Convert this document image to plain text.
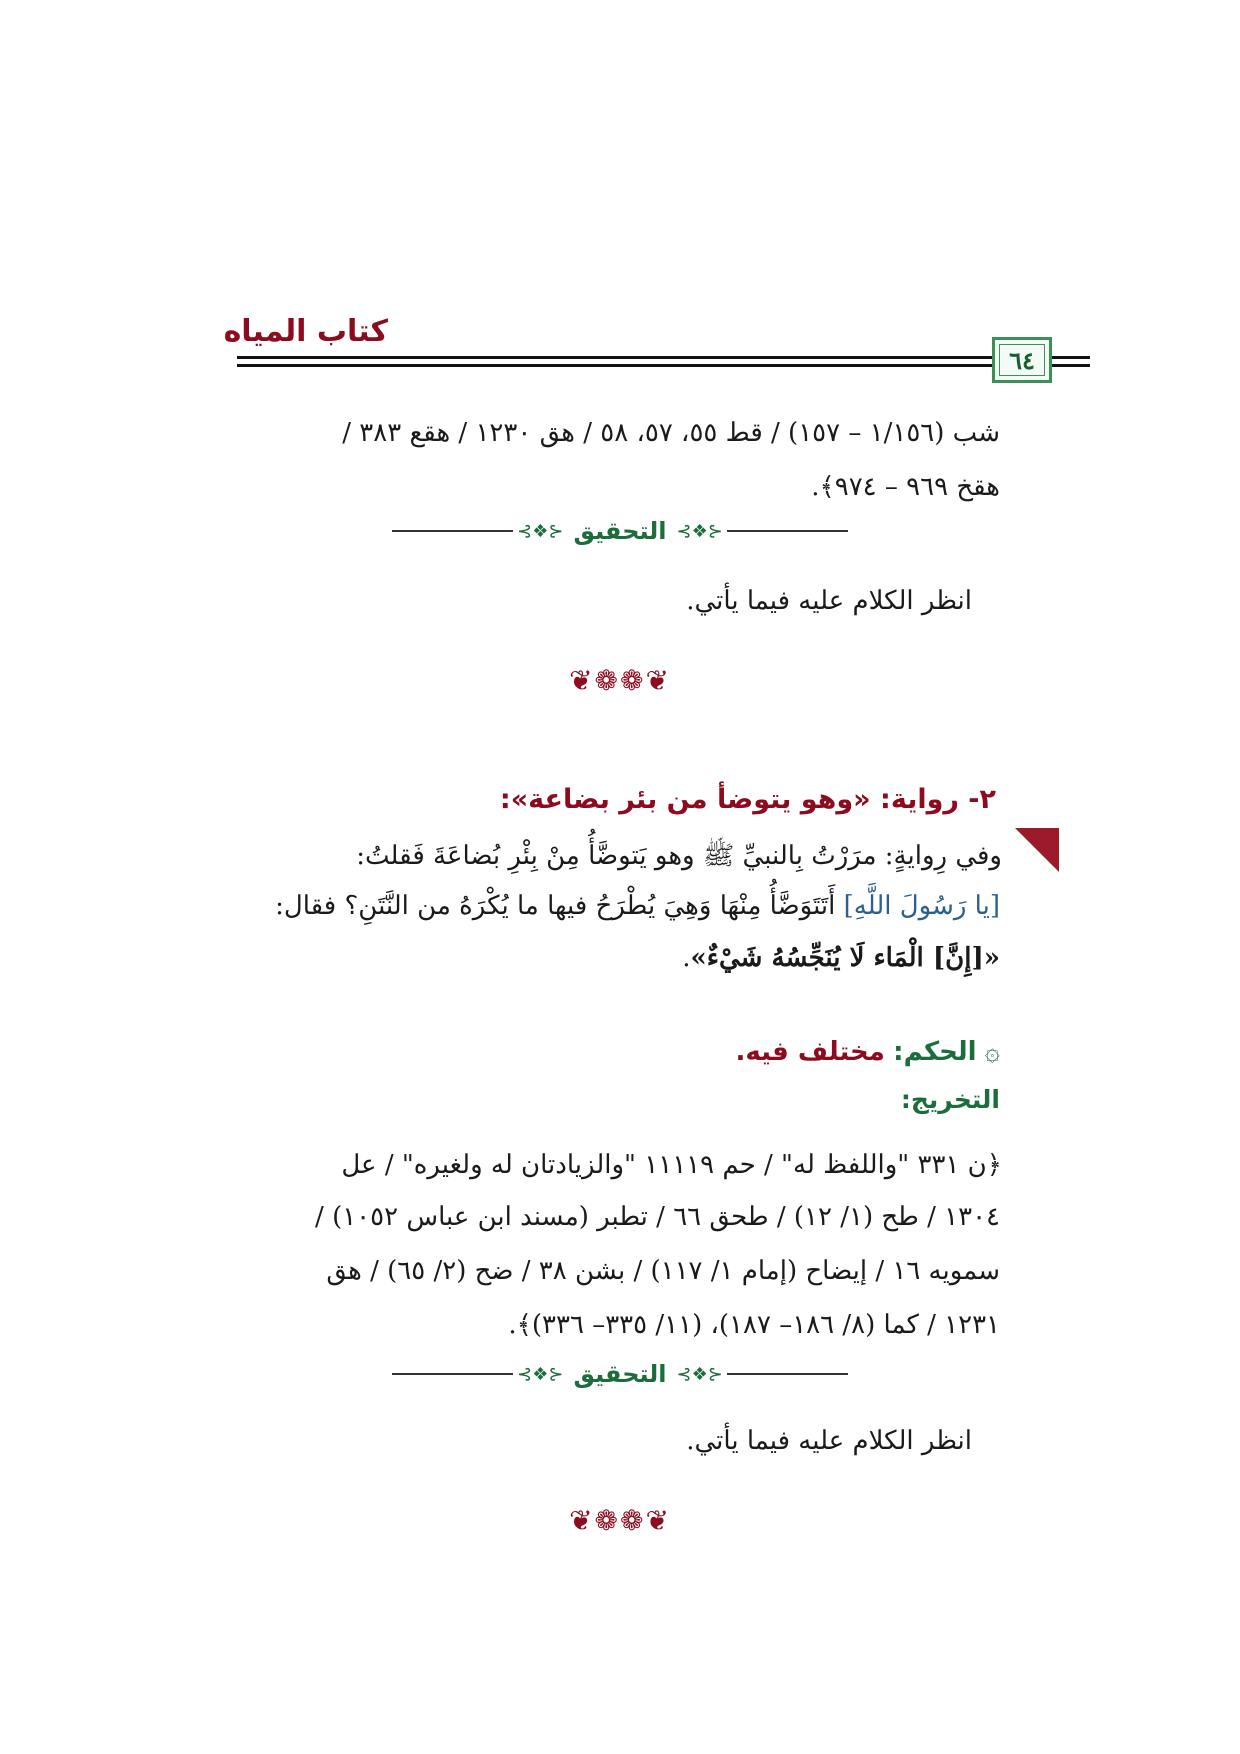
كتاب المياه
٦٤
شب (١/١٥٦ – ١٥٧) / قط ٥٥، ٥٧، ٥٨ / هق ١٢٣٠ / هقع ٣٨٣ /
هقخ ٩٦٩ – ٩٧٤﴾.
⊰❖⊱ التحقيق ⊰❖⊱
انظر الكلام عليه فيما يأتي.
❦❁❁❦
٢- رواية: «وهو يتوضأ من بئر بضاعة»:
وفي رِوايةٍ: مرَرْتُ بِالنبيِّ ﷺ وهو يَتوضَّأُ مِنْ بِئْرِ بُضاعَةَ فَقلتُ:
[يا رَسُولَ اللَّهِ] أَتَتَوَضَّأُ مِنْهَا وَهِيَ يُطْرَحُ فيها ما يُكْرَهُ من النَّتَنِ؟ فقال:
«[إِنَّ] الْمَاء لَا يُنَجِّسُهُ شَيْءٌ».
۞ الحكم: مختلف فيه.
التخريج:
﴿ن ٣٣١ "واللفظ له" / حم ١١١١٩ "والزيادتان له ولغيره" / عل
١٣٠٤ / طح (١/ ١٢) / طحق ٦٦ / تطبر (مسند ابن عباس ١٠٥٢) /
سمويه ١٦ / إيضاح (إمام ١/ ١١٧) / بشن ٣٨ / ضح (٢/ ٦٥) / هق
١٢٣١ / كما (٨/ ١٨٦– ١٨٧)، (١١/ ٣٣٥– ٣٣٦)﴾.
⊰❖⊱ التحقيق ⊰❖⊱
انظر الكلام عليه فيما يأتي.
❦❁❁❦
